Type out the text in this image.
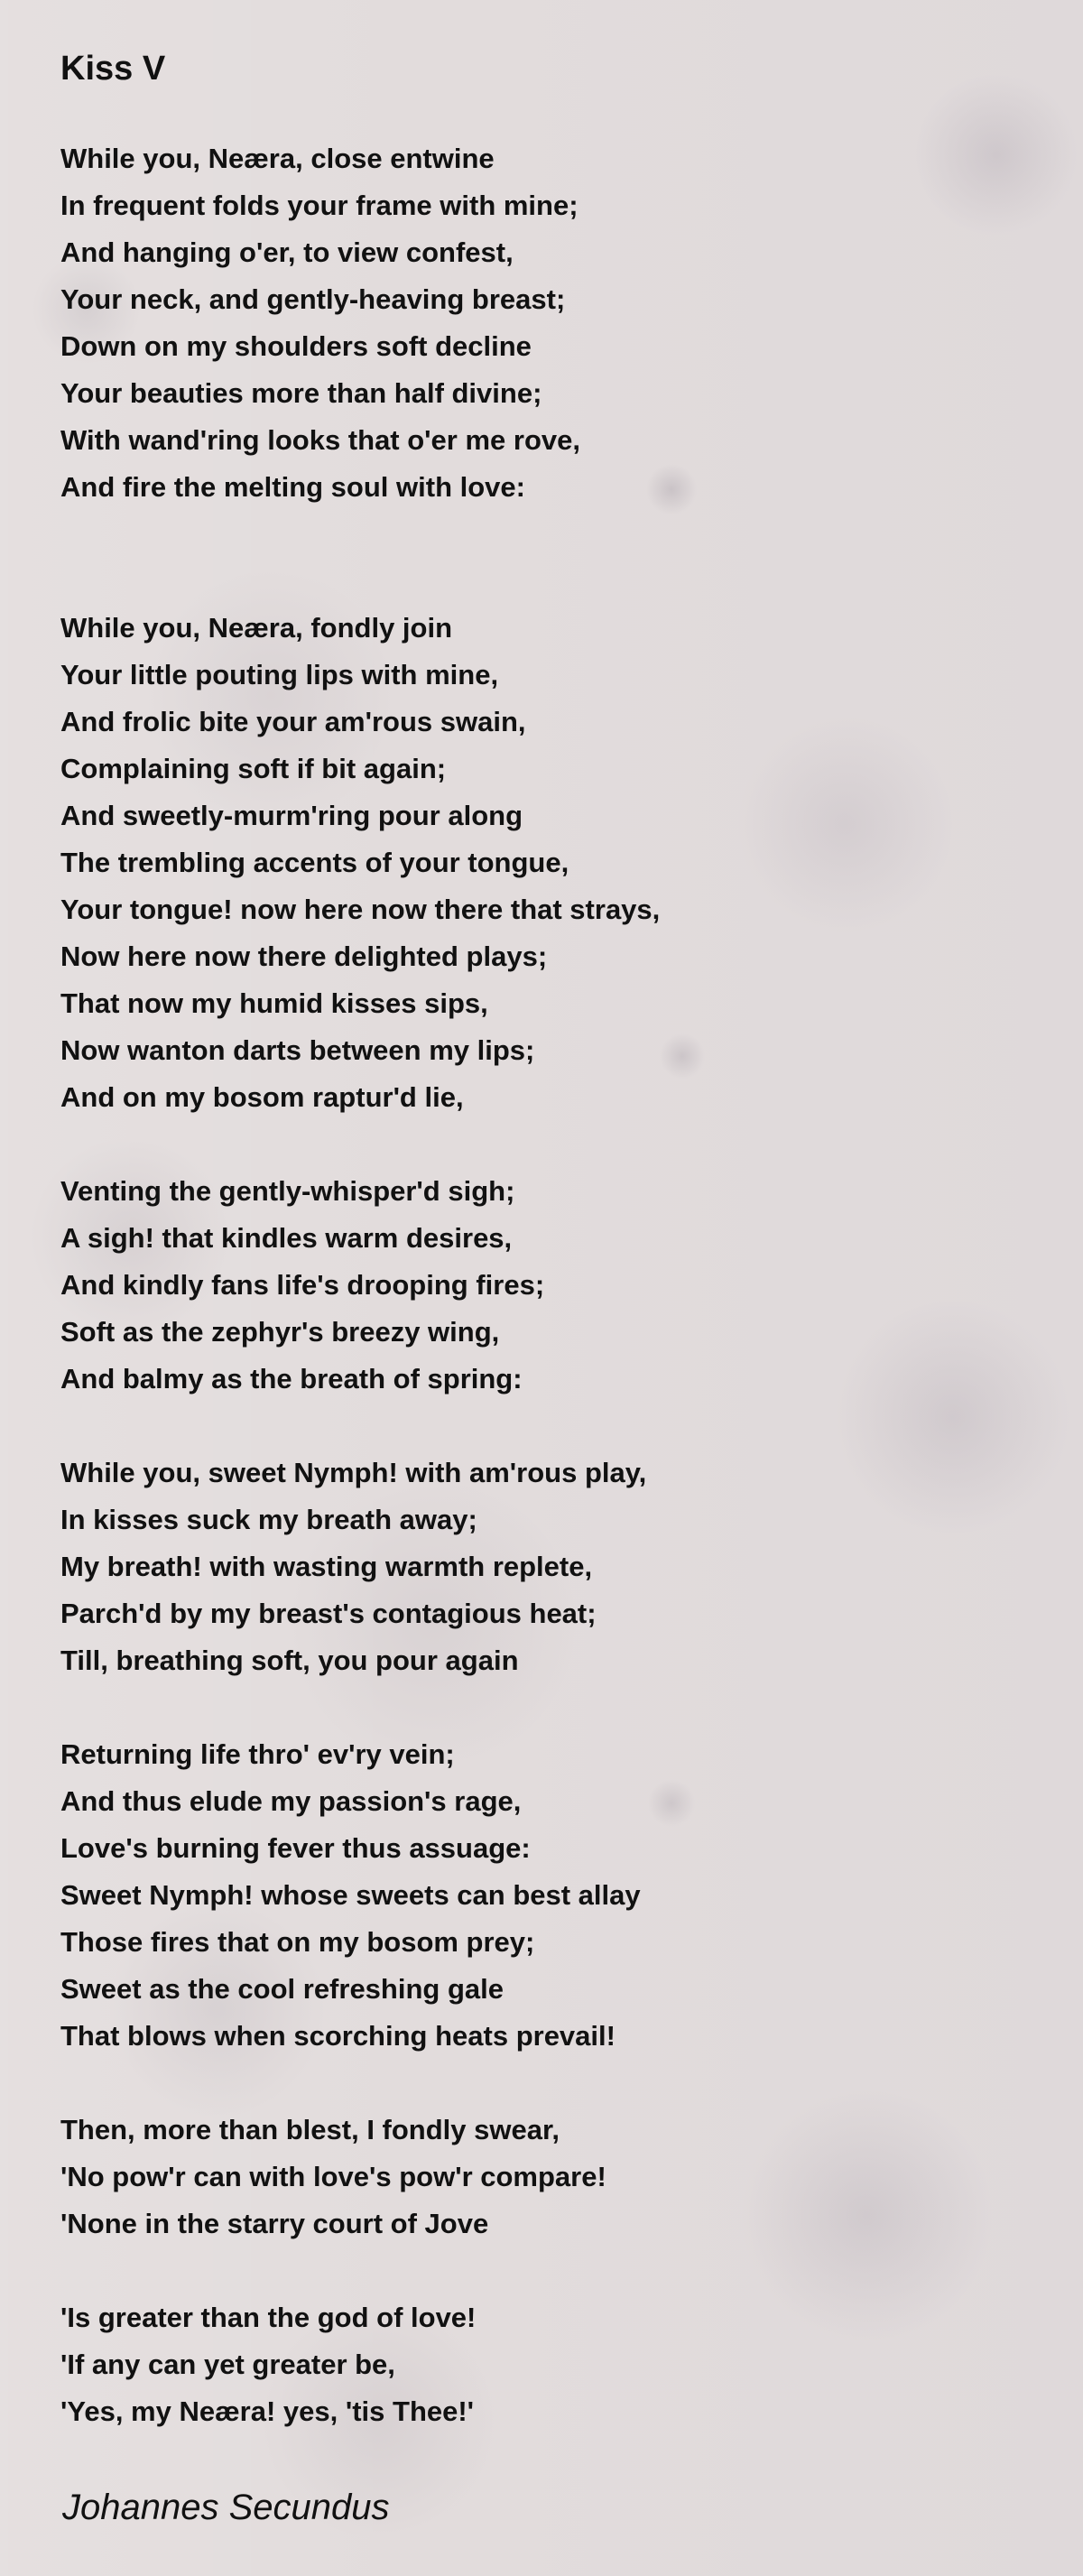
Kiss V
While you, Neæra, close entwine
In frequent folds your frame with mine;
And hanging o'er, to view confest,
Your neck, and gently-heaving breast;
Down on my shoulders soft decline
Your beauties more than half divine;
With wand'ring looks that o'er me rove,
And fire the melting soul with love:
While you, Neæra, fondly join
Your little pouting lips with mine,
And frolic bite your am'rous swain,
Complaining soft if bit again;
And sweetly-murm'ring pour along
The trembling accents of your tongue,
Your tongue! now here now there that strays,
Now here now there delighted plays;
That now my humid kisses sips,
Now wanton darts between my lips;
And on my bosom raptur'd lie,
Venting the gently-whisper'd sigh;
A sigh! that kindles warm desires,
And kindly fans life's drooping fires;
Soft as the zephyr's breezy wing,
And balmy as the breath of spring:
While you, sweet Nymph! with am'rous play,
In kisses suck my breath away;
My breath! with wasting warmth replete,
Parch'd by my breast's contagious heat;
Till, breathing soft, you pour again
Returning life thro' ev'ry vein;
And thus elude my passion's rage,
Love's burning fever thus assuage:
Sweet Nymph! whose sweets can best allay
Those fires that on my bosom prey;
Sweet as the cool refreshing gale
That blows when scorching heats prevail!
Then, more than blest, I fondly swear,
'No pow'r can with love's pow'r compare!
'None in the starry court of Jove
'Is greater than the god of love!
'If any can yet greater be,
'Yes, my Neæra! yes, 'tis Thee!'

Johannes Secundus
